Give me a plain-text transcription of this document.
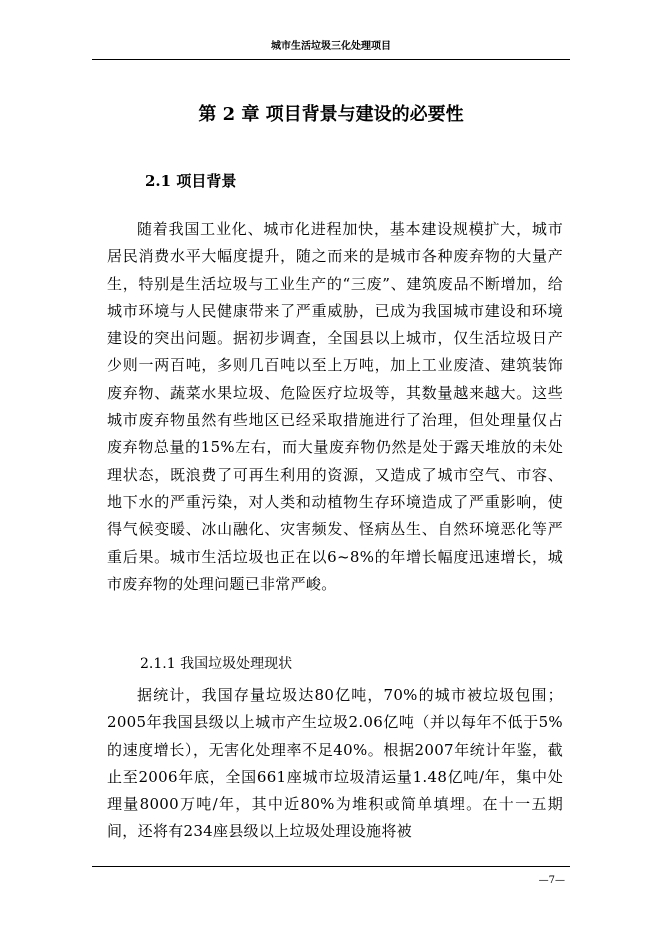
城市生活垃圾三化处理项目
第 2 章 项目背景与建设的必要性
2.1 项目背景

随着我国工业化、城市化进程加快，基本建设规模扩大，城市居民消费水平大幅度提升，随之而来的是城市各种废弃物的大量产生，特别是生活垃圾与工业生产的“三废”、建筑废品不断增加，给城市环境与人民健康带来了严重威胁，已成为我国城市建设和环境建设的突出问题。据初步调查，全国县以上城市，仅生活垃圾日产少则一两百吨，多则几百吨以至上万吨，加上工业废渣、建筑装饰废弃物、蔬菜水果垃圾、危险医疗垃圾等，其数量越来越大。这些城市废弃物虽然有些地区已经采取措施进行了治理，但处理量仅占废弃物总量的15%左右，而大量废弃物仍然是处于露天堆放的未处理状态，既浪费了可再生利用的资源，又造成了城市空气、市容、地下水的严重污染，对人类和动植物生存环境造成了严重影响，使得气候变暖、冰山融化、灾害频发、怪病丛生、自然环境恶化等严重后果。城市生活垃圾也正在以6~8%的年增长幅度迅速增长，城市废弃物的处理问题已非常严峻。

2.1.1 我国垃圾处理现状

据统计，我国存量垃圾达80亿吨，70%的城市被垃圾包围；2005年我国县级以上城市产生垃圾2.06亿吨（并以每年不低于5%的速度增长），无害化处理率不足40%。根据2007年统计年鉴，截止至2006年底，全国661座城市垃圾清运量1.48亿吨/年，集中处理量8000万吨/年，其中近80%为堆积或简单填埋。在十一五期间，还将有234座县级以上垃圾处理设施将被

—7—
